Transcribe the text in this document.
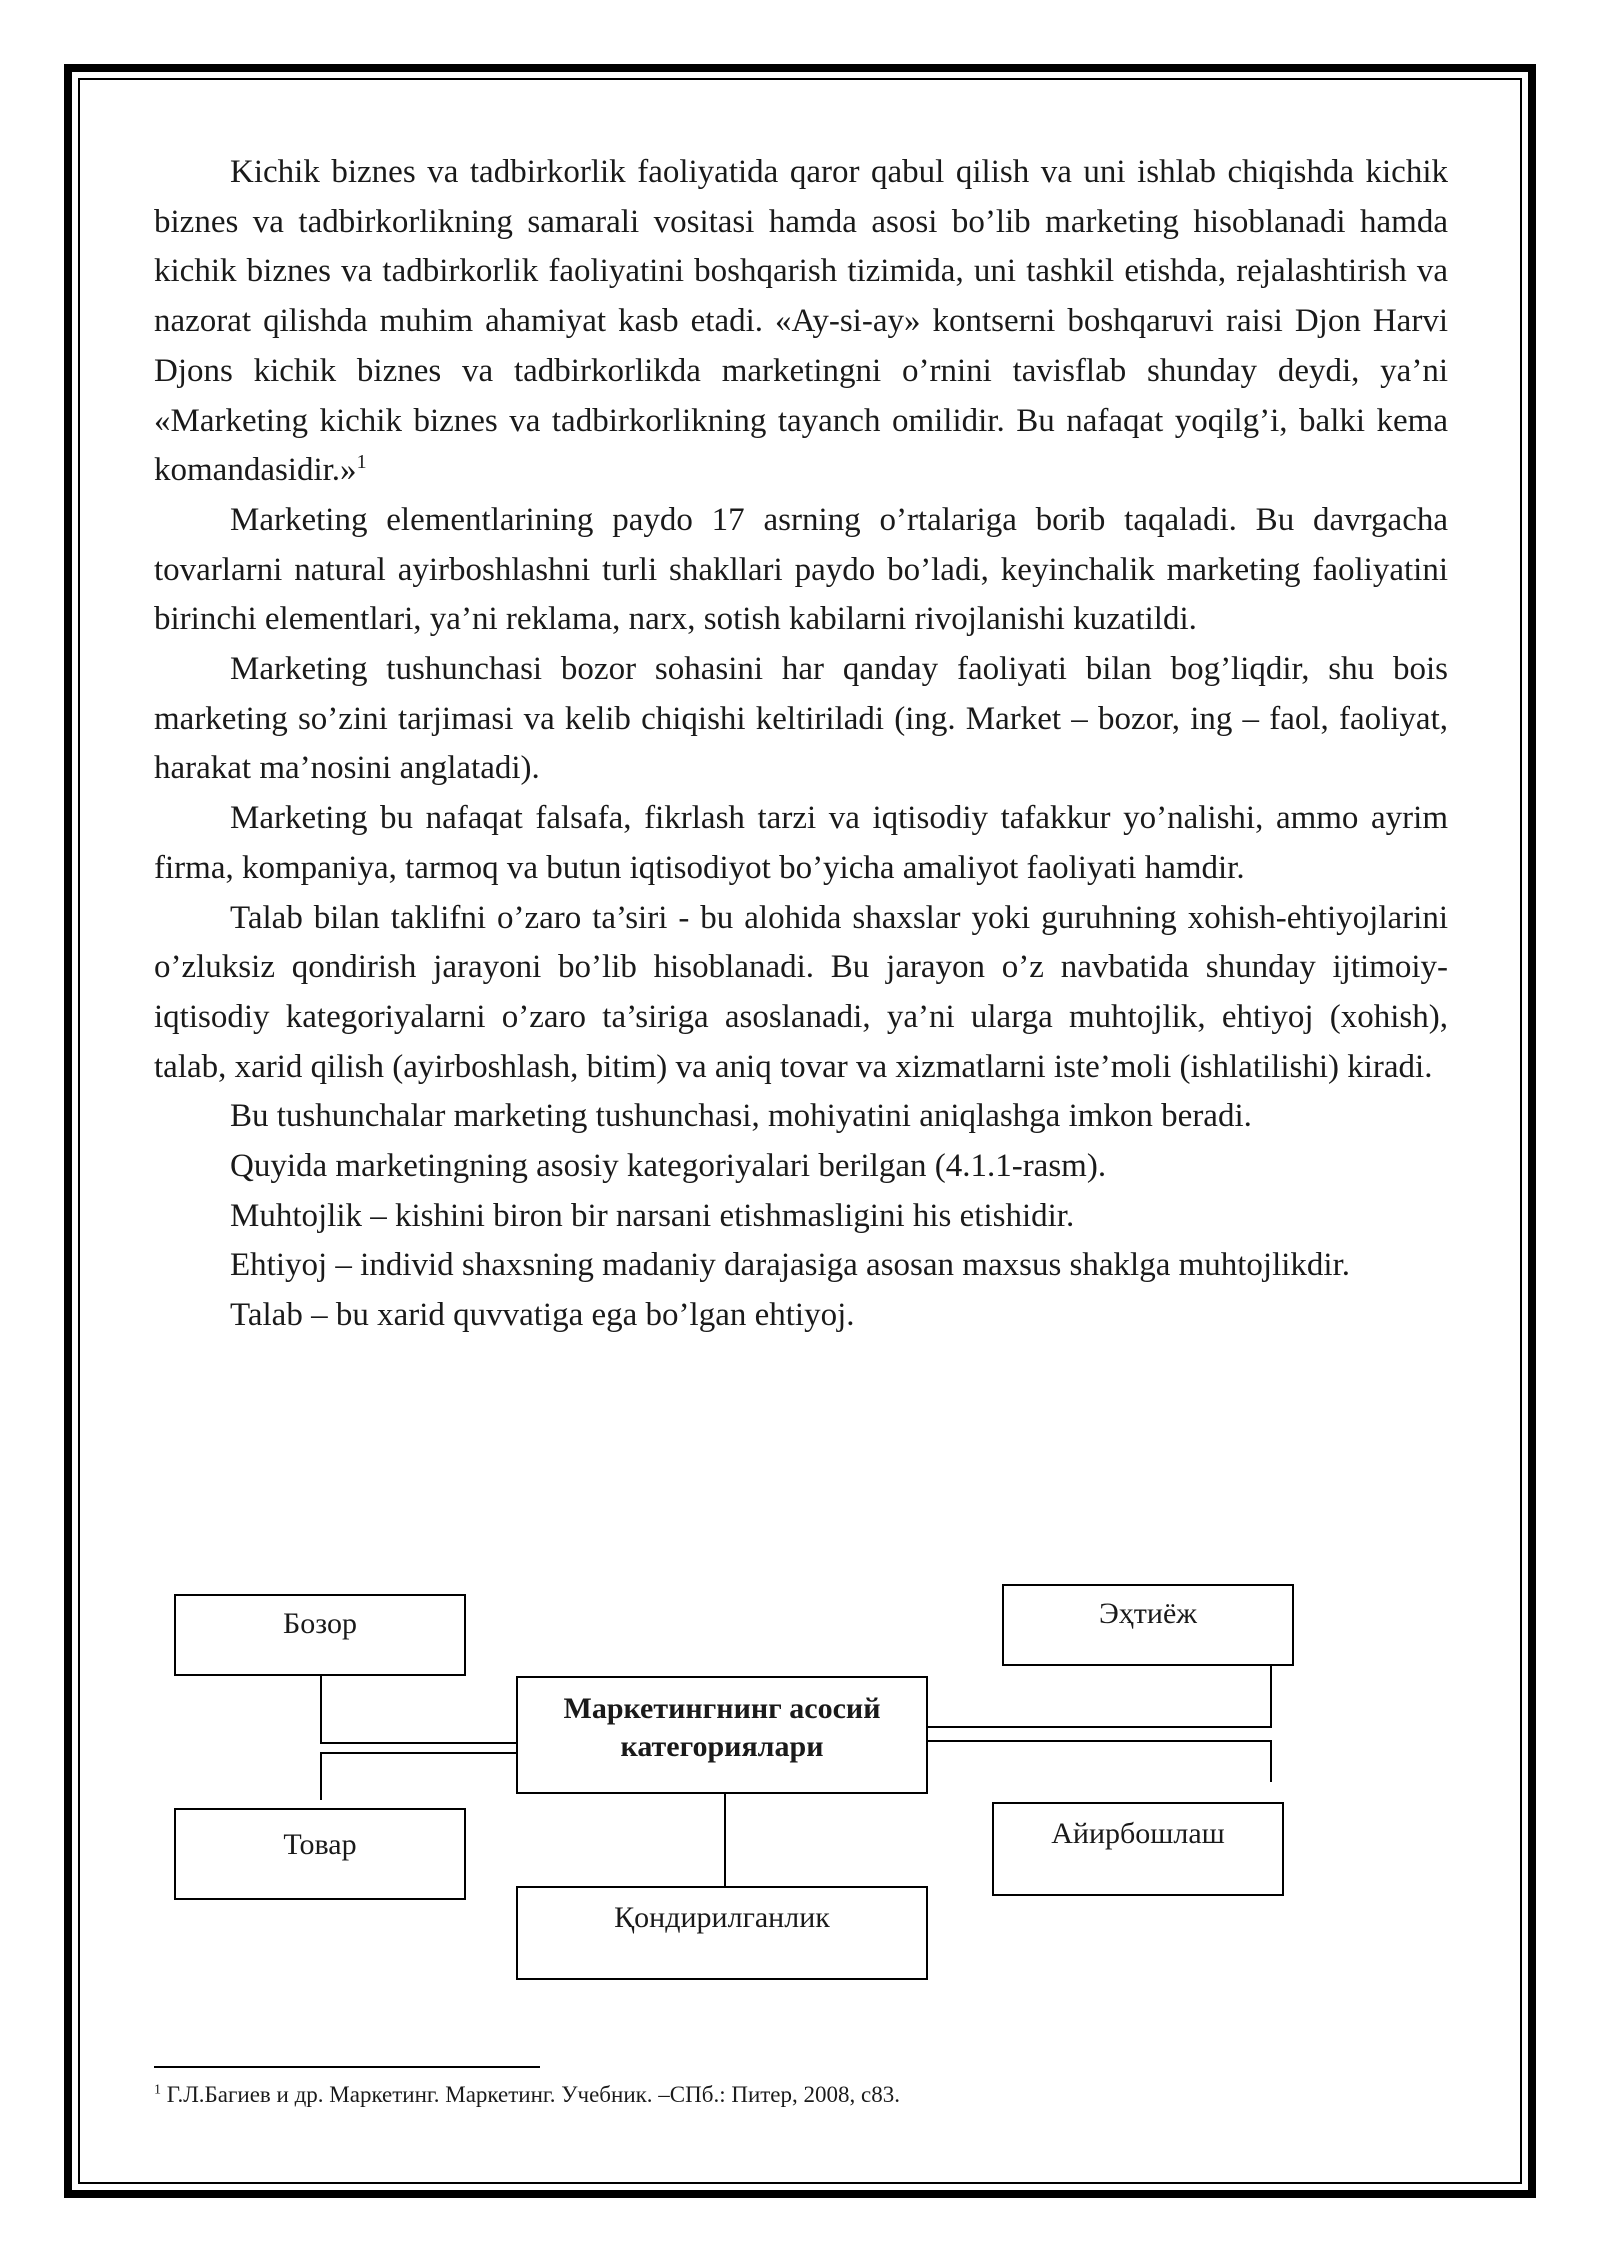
Kichik biznes va tadbirkorlik faoliyatida qaror qabul qilish va uni ishlab chiqishda kichik biznes va tadbirkorlikning samarali vositasi hamda asosi bo’lib marketing hisoblanadi hamda kichik biznes va tadbirkorlik faoliyatini boshqarish tizimida, uni tashkil etishda, rejalashtirish va nazorat qilishda muhim ahamiyat kasb etadi. «Ay-si-ay» kontserni boshqaruvi raisi Djon Harvi Djons kichik biznes va tadbirkorlikda marketingni o’rnini tavisflab shunday deydi, ya’ni «Marketing kichik biznes va tadbirkorlikning tayanch omilidir. Bu nafaqat yoqilg’i, balki kema komandasidir.»$^1$

Marketing elementlarining paydo 17 asrning o’rtalariga borib taqaladi. Bu davrgacha tovarlarni natural ayirboshlashni turli shakllari paydo bo’ladi, keyinchalik marketing faoliyatini birinchi elementlari, ya’ni reklama, narx, sotish kabilarni rivojlanishi kuzatildi.

Marketing tushunchasi bozor sohasini har qanday faoliyati bilan bog’liqdir, shu bois marketing so’zini tarjimasi va kelib chiqishi keltiriladi (ing. Market – bozor, ing – faol, faoliyat, harakat ma’nosini anglatadi).

Marketing bu nafaqat falsafa, fikrlash tarzi va iqtisodiy tafakkur yo’nalishi, ammo ayrim firma, kompaniya, tarmoq va butun iqtisodiyot bo’yicha amaliyot faoliyati hamdir.

Talab bilan taklifni o’zaro ta’siri - bu alohida shaxslar yoki guruhning xohish-ehtiyojlarini o’zluksiz qondirish jarayoni bo’lib hisoblanadi. Bu jarayon o’z navbatida shunday ijtimoiy-iqtisodiy kategoriyalarni o’zaro ta’siriga asoslanadi, ya’ni ularga muhtojlik, ehtiyoj (xohish), talab, xarid qilish (ayirboshlash, bitim) va aniq tovar va xizmatlarni iste’moli (ishlatilishi) kiradi.

Bu tushunchalar marketing tushunchasi, mohiyatini aniqlashga imkon beradi.

Quyida marketingning asosiy kategoriyalari berilgan (4.1.1-rasm).

Muhtojlik – kishini biron bir narsani etishmasligini his etishidir.

Ehtiyoj – individ shaxsning madaniy darajasiga asosan maxsus shaklga muhtojlikdir.

Talab – bu xarid quvvatiga ega bo’lgan ehtiyoj.

Бозор
Товар
Маркетингнинг асосий
категориялари
Қондирилганлик
Эҳтиёж
Айирбошлаш
$^1$ Г.Л.Багиев и др. Маркетинг. Маркетинг. Учебник. –СПб.: Питер, 2008, с83.
